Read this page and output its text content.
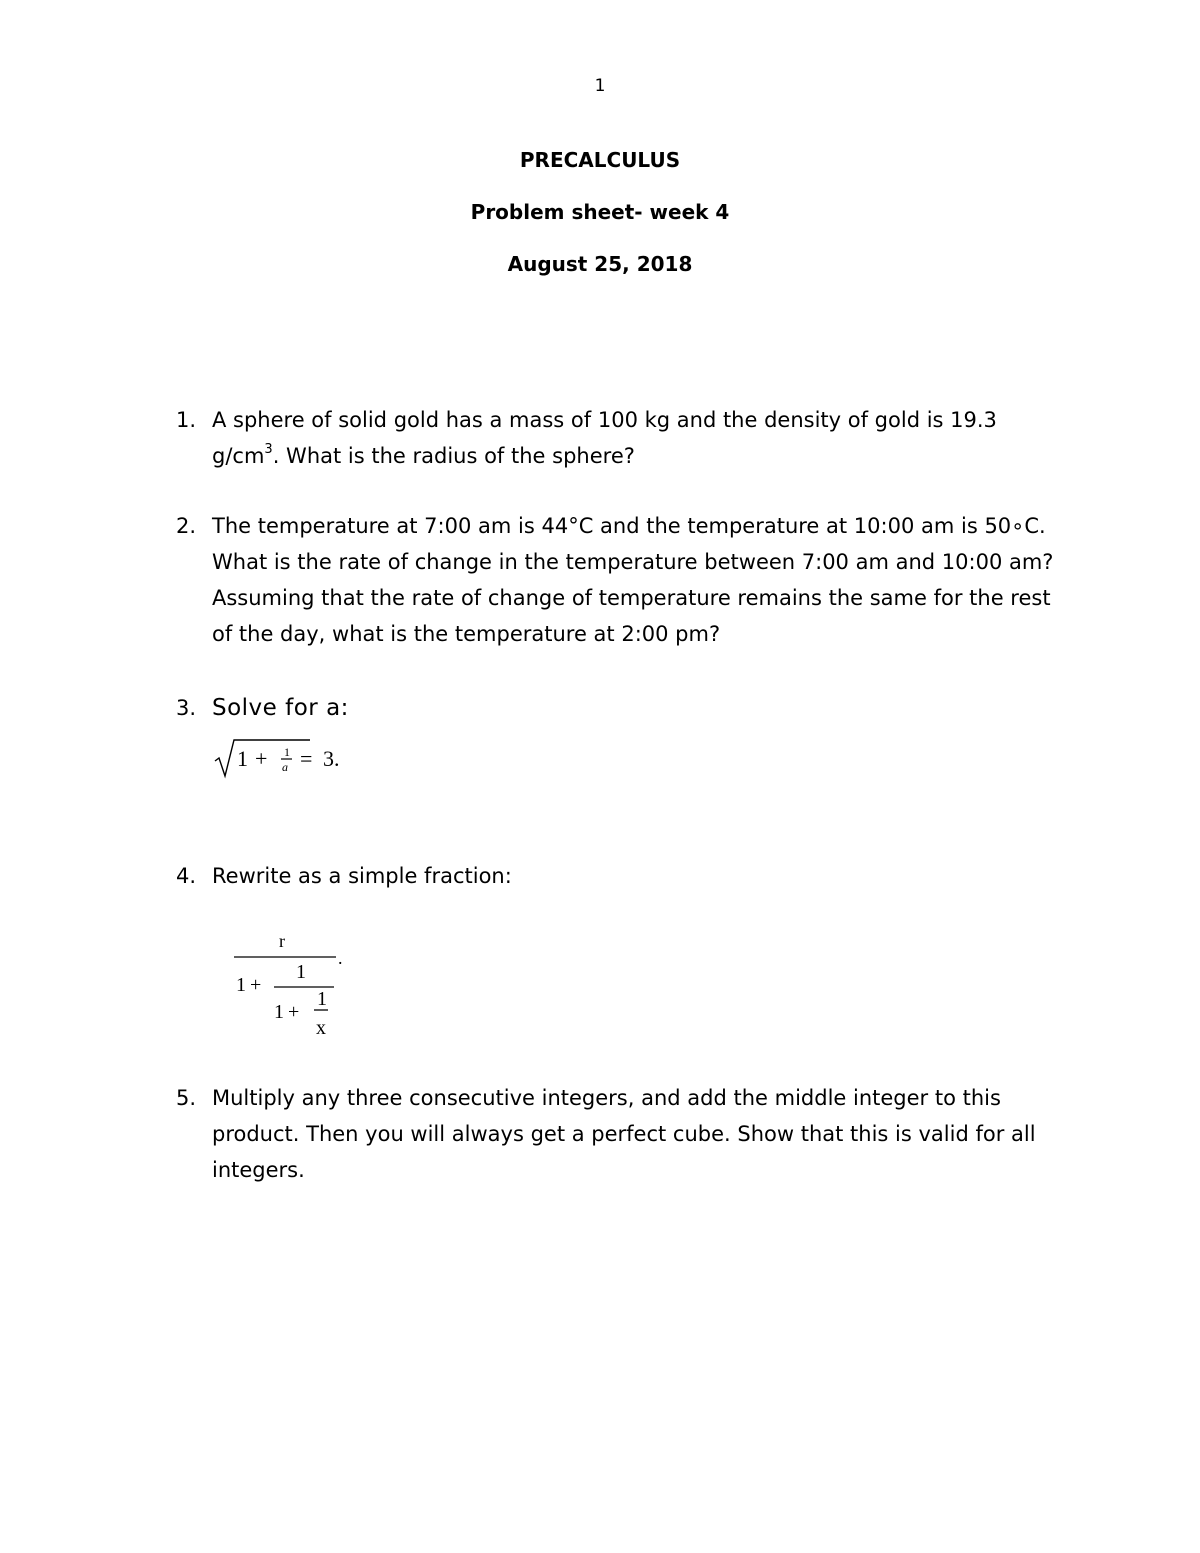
1
PRECALCULUS
Problem sheet- week 4
August 25, 2018
1. A sphere of solid gold has a mass of 100 kg and the density of gold is 19.3 $g/cm^3$. What is the radius of the sphere?

2. The temperature at 7:00 am is 44°C and the temperature at 10:00 am is 50∘C. What is the rate of change in the temperature between 7:00 am and 10:00 am? Assuming that the rate of change of temperature remains the same for the rest of the day, what is the temperature at 2:00 pm?

3. Solve for a:

1 + 1
a = 3.
4. Rewrite as a simple fraction:

r
.
1 +
1
1 +
1
x
5. Multiply any three consecutive integers, and add the middle integer to this product. Then you will always get a perfect cube. Show that this is valid for all integers.
